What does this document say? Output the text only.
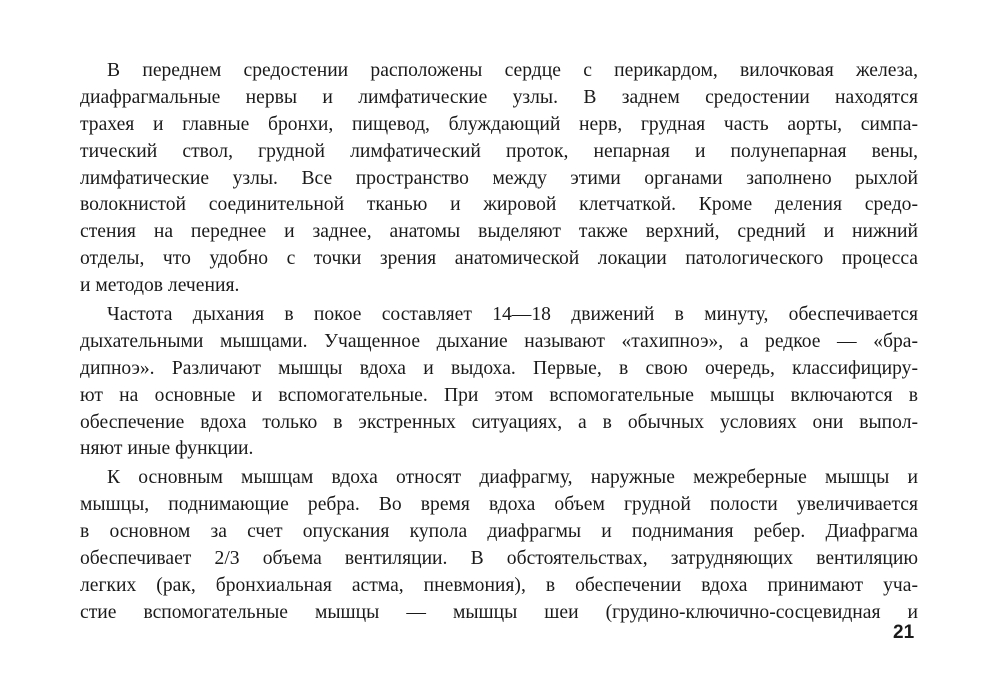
В переднем средостении расположены сердце с перикардом, вилочковая железа,
диафрагмальные нервы и лимфатические узлы. В заднем средостении находятся
трахея и главные бронхи, пищевод, блуждающий нерв, грудная часть аорты, симпа-
тический ствол, грудной лимфатический проток, непарная и полунепарная вены,
лимфатические узлы. Все пространство между этими органами заполнено рыхлой
волокнистой соединительной тканью и жировой клетчаткой. Кроме деления средо-
стения на переднее и заднее, анатомы выделяют также верхний, средний и нижний
отделы, что удобно с точки зрения анатомической локации патологического процесса
и методов лечения.
Частота дыхания в покое составляет 14—18 движений в минуту, обеспечивается
дыхательными мышцами. Учащенное дыхание называют «тахипноэ», а редкое — «бра-
дипноэ». Различают мышцы вдоха и выдоха. Первые, в свою очередь, классифициру-
ют на основные и вспомогательные. При этом вспомогательные мышцы включаются в
обеспечение вдоха только в экстренных ситуациях, а в обычных условиях они выпол-
няют иные функции.
К основным мышцам вдоха относят диафрагму, наружные межреберные мышцы и
мышцы, поднимающие ребра. Во время вдоха объем грудной полости увеличивается
в основном за счет опускания купола диафрагмы и поднимания ребер. Диафрагма
обеспечивает 2/3 объема вентиляции. В обстоятельствах, затрудняющих вентиляцию
легких (рак, бронхиальная астма, пневмония), в обеспечении вдоха принимают уча-
стие вспомогательные мышцы — мышцы шеи (грудино-ключично-сосцевидная и
21
